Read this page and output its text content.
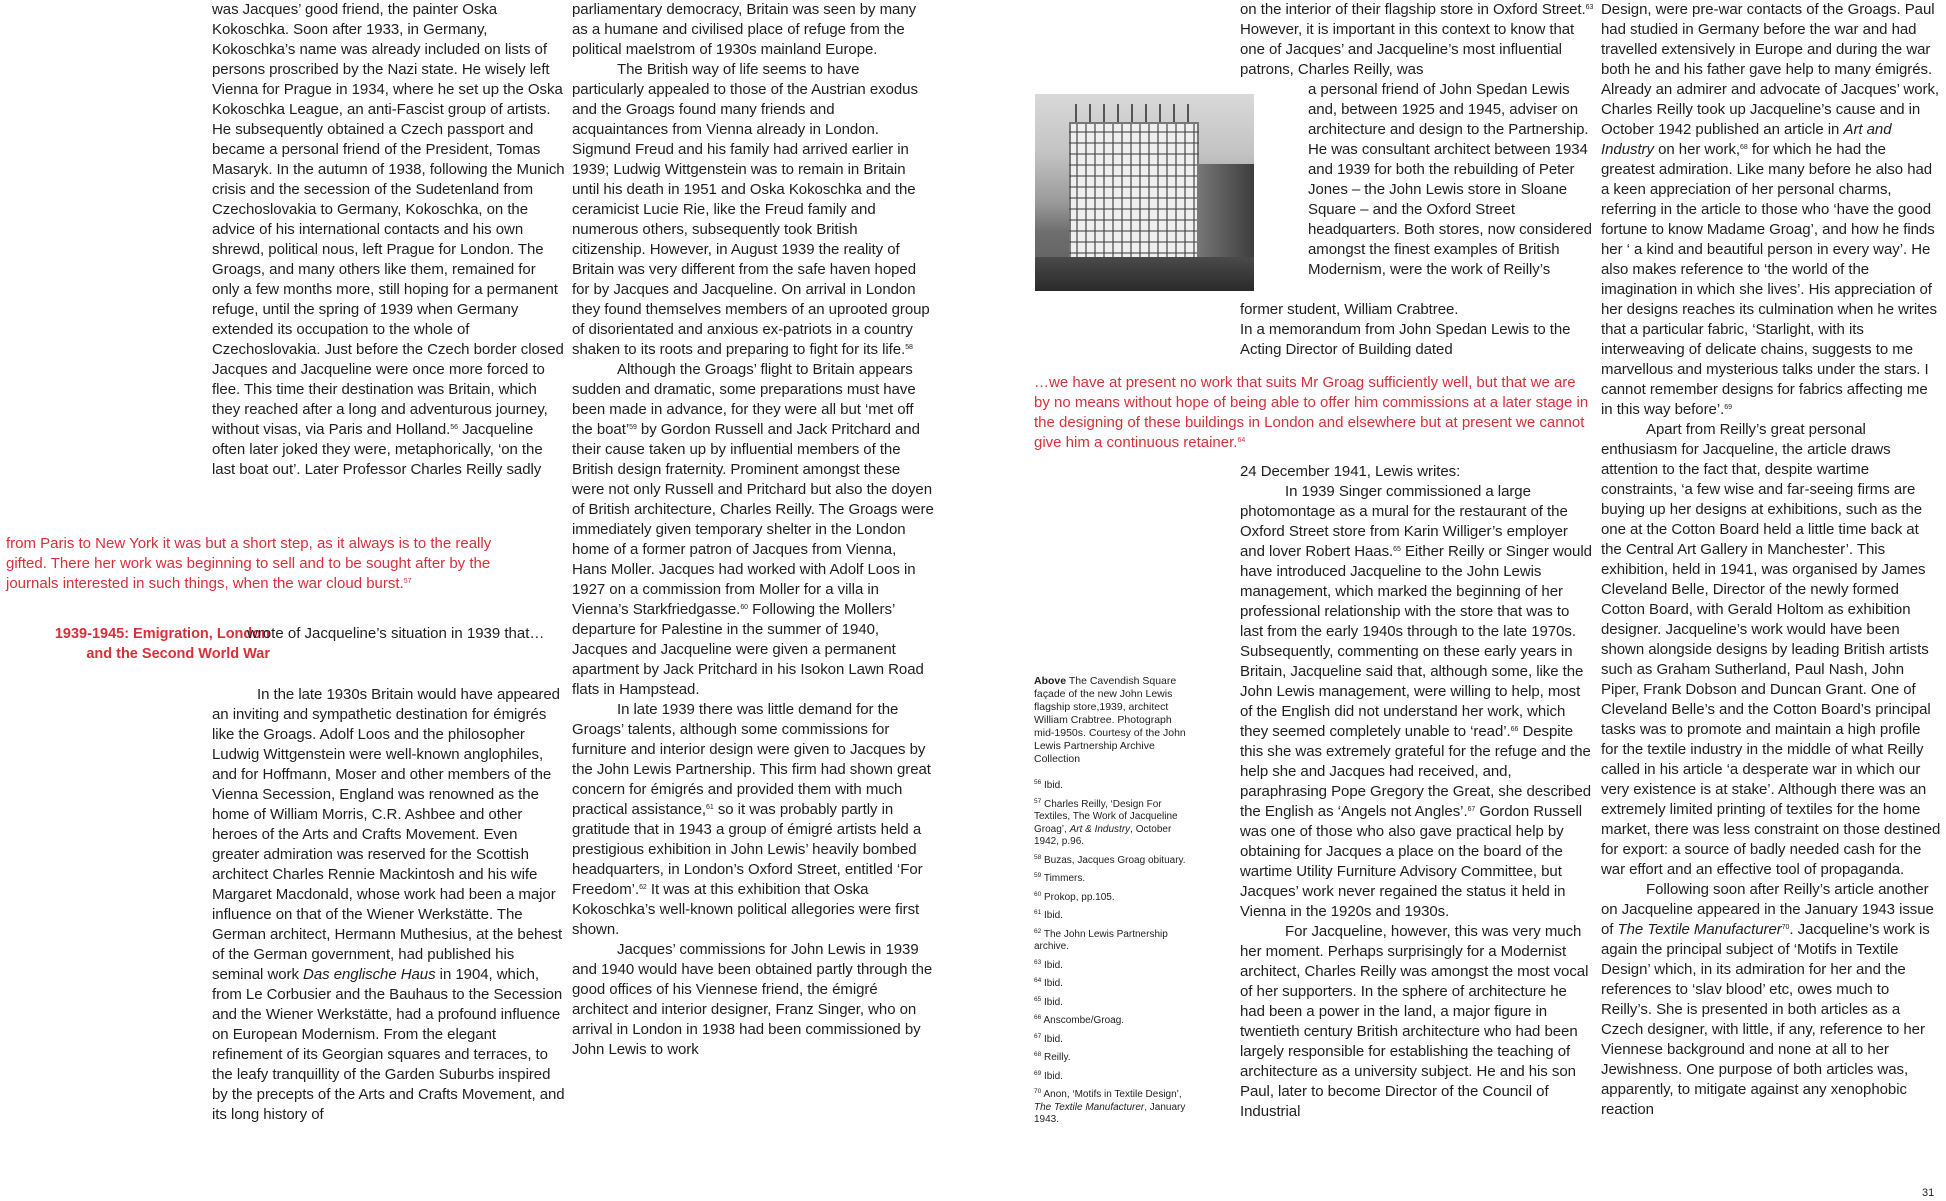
was Jacques’ good friend, the painter Oska Kokoschka. Soon after 1933, in Germany, Kokoschka’s name was already included on lists of persons proscribed by the Nazi state. He wisely left Vienna for Prague in 1934, where he set up the Oska Kokoschka League, an anti-Fascist group of artists. He subsequently obtained a Czech passport and became a personal friend of the President, Tomas Masaryk. In the autumn of 1938, following the Munich crisis and the secession of the Sudetenland from Czechoslovakia to Germany, Kokoschka, on the advice of his international contacts and his own shrewd, political nous, left Prague for London. The Groags, and many others like them, remained for only a few months more, still hoping for a permanent refuge, until the spring of 1939 when Germany extended its occupation to the whole of Czechoslovakia. Just before the Czech border closed Jacques and Jacqueline were once more forced to flee. This time their destination was Britain, which they reached after a long and adventurous journey, without visas, via Paris and Holland.$^{56}$ Jacqueline often later joked they were, metaphorically, ‘on the last boat out’. Later Professor Charles Reilly sadly

from Paris to New York it was but a short step, as it always is to the really gifted. There her work was beginning to sell and to be sought after by the journals interested in such things, when the war cloud burst.$^{57}$
1939-1945: Emigration, London and the Second World War
wrote of Jacqueline’s situation in 1939 that…

In the late 1930s Britain would have appeared an inviting and sympathetic destination for émigrés like the Groags. Adolf Loos and the philosopher Ludwig Wittgenstein were well-known anglophiles, and for Hoffmann, Moser and other members of the Vienna Secession, England was renowned as the home of William Morris, C.R. Ashbee and other heroes of the Arts and Crafts Movement. Even greater admiration was reserved for the Scottish architect Charles Rennie Mackintosh and his wife Margaret Macdonald, whose work had been a major influence on that of the Wiener Werkstätte. The German architect, Hermann Muthesius, at the behest of the German government, had published his seminal work Das englische Haus in 1904, which, from Le Corbusier and the Bauhaus to the Secession and the Wiener Werkstätte, had a profound influence on European Modernism. From the elegant refinement of its Georgian squares and terraces, to the leafy tranquillity of the Garden Suburbs inspired by the precepts of the Arts and Crafts Movement, and its long history of

parliamentary democracy, Britain was seen by many as a humane and civilised place of refuge from the political maelstrom of 1930s mainland Europe.

The British way of life seems to have particularly appealed to those of the Austrian exodus and the Groags found many friends and acquaintances from Vienna already in London. Sigmund Freud and his family had arrived earlier in 1939; Ludwig Wittgenstein was to remain in Britain until his death in 1951 and Oska Kokoschka and the ceramicist Lucie Rie, like the Freud family and numerous others, subsequently took British citizenship. However, in August 1939 the reality of Britain was very different from the safe haven hoped for by Jacques and Jacqueline. On arrival in London they found themselves members of an uprooted group of disorientated and anxious ex-patriots in a country shaken to its roots and preparing to fight for its life.$^{58}$

Although the Groags’ flight to Britain appears sudden and dramatic, some preparations must have been made in advance, for they were all but ‘met off the boat’$^{59}$ by Gordon Russell and Jack Pritchard and their cause taken up by influential members of the British design fraternity. Prominent amongst these were not only Russell and Pritchard but also the doyen of British architecture, Charles Reilly. The Groags were immediately given temporary shelter in the London home of a former patron of Jacques from Vienna, Hans Moller. Jacques had worked with Adolf Loos in 1927 on a commission from Moller for a villa in Vienna’s Starkfriedgasse.$^{60}$ Following the Mollers’ departure for Palestine in the summer of 1940, Jacques and Jacqueline were given a permanent apartment by Jack Pritchard in his Isokon Lawn Road flats in Hampstead.

In late 1939 there was little demand for the Groags’ talents, although some commissions for furniture and interior design were given to Jacques by the John Lewis Partnership. This firm had shown great concern for émigrés and provided them with much practical assistance,$^{61}$ so it was probably partly in gratitude that in 1943 a group of émigré artists held a prestigious exhibition in John Lewis’ heavily bombed headquarters, in London’s Oxford Street, entitled ‘For Freedom’.$^{62}$ It was at this exhibition that Oska Kokoschka’s well-known political allegories were first shown.

Jacques’ commissions for John Lewis in 1939 and 1940 would have been obtained partly through the good offices of his Viennese friend, the émigré architect and interior designer, Franz Singer, who on arrival in London in 1938 had been commissioned by John Lewis to work

on the interior of their flagship store in Oxford Street.$^{63}$ However, it is important in this context to know that one of Jacques’ and Jacqueline’s most influential patrons, Charles Reilly, was

a personal friend of John Spedan Lewis and, between 1925 and 1945, adviser on architecture and design to the Partnership. He was consultant architect between 1934 and 1939 for both the rebuilding of Peter Jones – the John Lewis store in Sloane Square – and the Oxford Street headquarters. Both stores, now considered amongst the finest examples of British Modernism, were the work of Reilly’s

former student, William Crabtree.

In a memorandum from John Spedan Lewis to the Acting Director of Building dated

…we have at present no work that suits Mr Groag sufficiently well, but that we are by no means without hope of being able to offer him commissions at a later stage in the designing of these buildings in London and elsewhere but at present we cannot give him a continuous retainer.$^{64}$

24 December 1941, Lewis writes:

In 1939 Singer commissioned a large photomontage as a mural for the restaurant of the Oxford Street store from Karin Williger’s employer and lover Robert Haas.$^{65}$ Either Reilly or Singer would have introduced Jacqueline to the John Lewis management, which marked the beginning of her professional relationship with the store that was to last from the early 1940s through to the late 1970s. Subsequently, commenting on these early years in Britain, Jacqueline said that, although some, like the John Lewis management, were willing to help, most of the English did not understand her work, which they seemed completely unable to ‘read’.$^{66}$ Despite this she was extremely grateful for the refuge and the help she and Jacques had received, and, paraphrasing Pope Gregory the Great, she described the English as ‘Angels not Angles’.$^{67}$ Gordon Russell was one of those who also gave practical help by obtaining for Jacques a place on the board of the wartime Utility Furniture Advisory Committee, but Jacques’ work never regained the status it held in Vienna in the 1920s and 1930s.

For Jacqueline, however, this was very much her moment. Perhaps surprisingly for a Modernist architect, Charles Reilly was amongst the most vocal of her supporters. In the sphere of architecture he had been a power in the land, a major figure in twentieth century British architecture who had been largely responsible for establishing the teaching of architecture as a university subject. He and his son Paul, later to become Director of the Council of Industrial

Above The Cavendish Square façade of the new John Lewis flagship store,1939, architect William Crabtree. Photograph mid-1950s. Courtesy of the John Lewis Partnership Archive Collection
$^{56}$ Ibid.
$^{57}$ Charles Reilly, ‘Design For Textiles, The Work of Jacqueline Groag’, Art & Industry, October 1942, p.96.
$^{58}$ Buzas, Jacques Groag obituary.
$^{59}$ Timmers.
$^{60}$ Prokop, pp.105.
$^{61}$ Ibid.
$^{62}$ The John Lewis Partnership archive.
$^{63}$ Ibid.
$^{64}$ Ibid.
$^{65}$ Ibid.
$^{66}$ Anscombe/Groag.
$^{67}$ Ibid.
$^{68}$ Reilly.
$^{69}$ Ibid.
$^{70}$ Anon, ‘Motifs in Textile Design’, The Textile Manufacturer, January 1943.

Design, were pre-war contacts of the Groags. Paul had studied in Germany before the war and had travelled extensively in Europe and during the war both he and his father gave help to many émigrés. Already an admirer and advocate of Jacques’ work, Charles Reilly took up Jacqueline’s cause and in October 1942 published an article in Art and Industry on her work,$^{68}$ for which he had the greatest admiration. Like many before he also had a keen appreciation of her personal charms, referring in the article to those who ‘have the good fortune to know Madame Groag’, and how he finds her ‘ a kind and beautiful person in every way’. He also makes reference to ‘the world of the imagination in which she lives’. His appreciation of her designs reaches its culmination when he writes that a particular fabric, ‘Starlight, with its interweaving of delicate chains, suggests to me marvellous and mysterious talks under the stars. I cannot remember designs for fabrics affecting me in this way before’.$^{69}$

Apart from Reilly’s great personal enthusiasm for Jacqueline, the article draws attention to the fact that, despite wartime constraints, ‘a few wise and far-seeing firms are buying up her designs at exhibitions, such as the one at the Cotton Board held a little time back at the Central Art Gallery in Manchester’. This exhibition, held in 1941, was organised by James Cleveland Belle, Director of the newly formed Cotton Board, with Gerald Holtom as exhibition designer. Jacqueline’s work would have been shown alongside designs by leading British artists such as Graham Sutherland, Paul Nash, John Piper, Frank Dobson and Duncan Grant. One of Cleveland Belle’s and the Cotton Board’s principal tasks was to promote and maintain a high profile for the textile industry in the middle of what Reilly called in his article ‘a desperate war in which our very existence is at stake’. Although there was an extremely limited printing of textiles for the home market, there was less constraint on those destined for export: a source of badly needed cash for the war effort and an effective tool of propaganda.

Following soon after Reilly’s article another on Jacqueline appeared in the January 1943 issue of The Textile Manufacturer$^{70}$. Jacqueline’s work is again the principal subject of ‘Motifs in Textile Design’ which, in its admiration for her and the references to ‘slav blood’ etc, owes much to Reilly’s. She is presented in both articles as a Czech designer, with little, if any, reference to her Viennese background and none at all to her Jewishness. One purpose of both articles was, apparently, to mitigate against any xenophobic reaction

31
